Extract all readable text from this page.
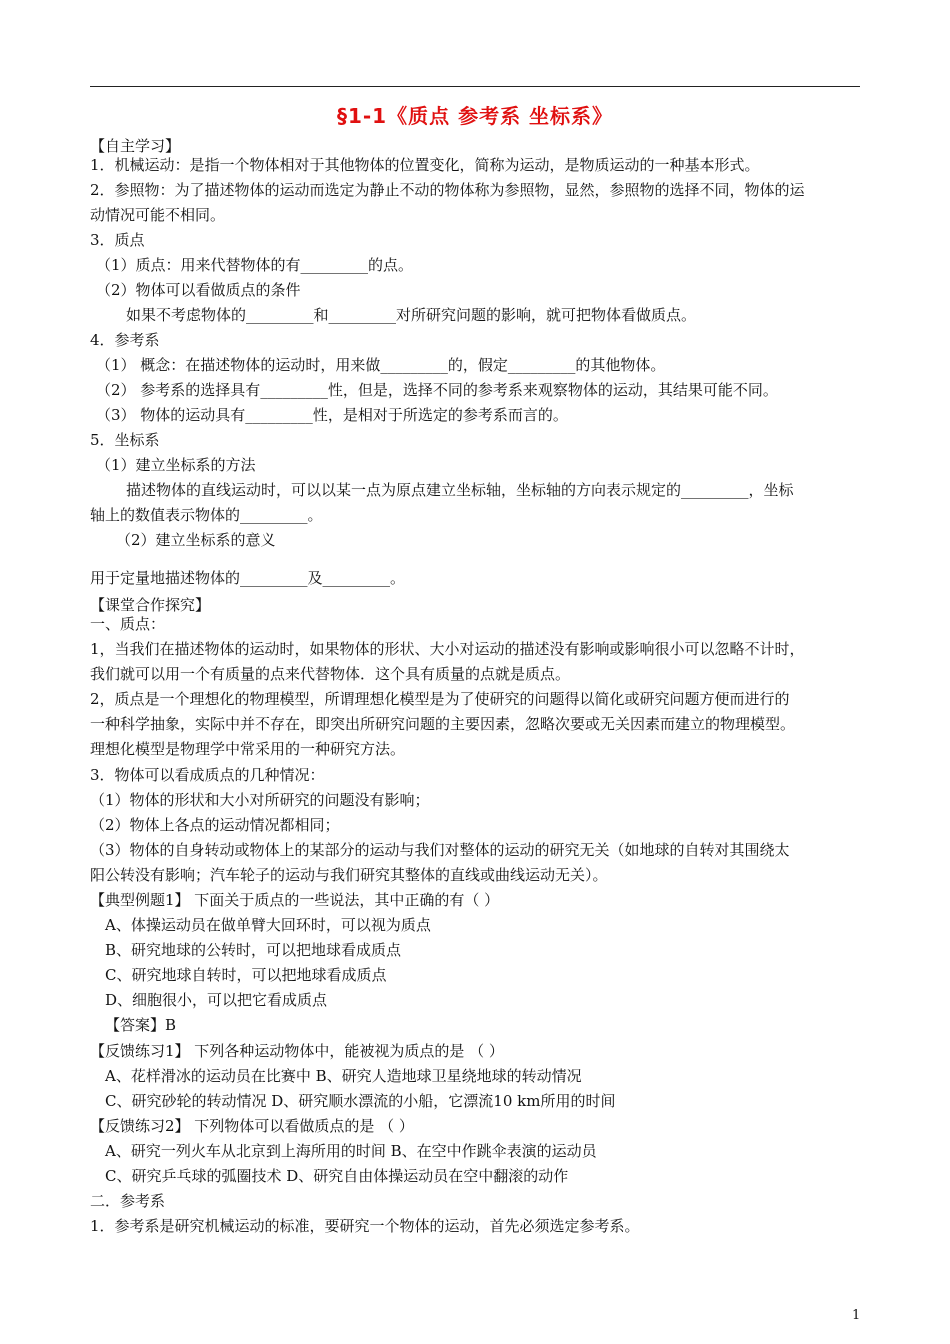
§1-1《质点 参考系 坐标系》
【自主学习】
1．机械运动：是指一个物体相对于其他物体的位置变化，简称为运动，是物质运动的一种基本形式。
2．参照物：为了描述物体的运动而选定为静止不动的物体称为参照物，显然，参照物的选择不同，物体的运
动情况可能不相同。
3．质点
（1）质点：用来代替物体的有_________的点。
（2）物体可以看做质点的条件
如果不考虑物体的_________和_________对所研究问题的影响，就可把物体看做质点。
4．参考系
（1） 概念：在描述物体的运动时，用来做_________的，假定_________的其他物体。
（2） 参考系的选择具有_________性，但是，选择不同的参考系来观察物体的运动，其结果可能不同。
（3） 物体的运动具有_________性，是相对于所选定的参考系而言的。
5．坐标系
（1）建立坐标系的方法
描述物体的直线运动时，可以以某一点为原点建立坐标轴，坐标轴的方向表示规定的_________，坐标
轴上的数值表示物体的_________。
（2）建立坐标系的意义
用于定量地描述物体的_________及_________。
【课堂合作探究】
一、质点：
1，当我们在描述物体的运动时，如果物体的形状、大小对运动的描述没有影响或影响很小可以忽略不计时，
我们就可以用一个有质量的点来代替物体．这个具有质量的点就是质点。
2，质点是一个理想化的物理模型，所谓理想化模型是为了使研究的问题得以简化或研究问题方便而进行的
一种科学抽象，实际中并不存在，即突出所研究问题的主要因素，忽略次要或无关因素而建立的物理模型。
理想化模型是物理学中常采用的一种研究方法。
3．物体可以看成质点的几种情况：
（1）物体的形状和大小对所研究的问题没有影响；
（2）物体上各点的运动情况都相同；
（3）物体的自身转动或物体上的某部分的运动与我们对整体的运动的研究无关（如地球的自转对其围绕太
阳公转没有影响；汽车轮子的运动与我们研究其整体的直线或曲线运动无关）。
【典型例题1】 下面关于质点的一些说法，其中正确的有（ ）
A、体操运动员在做单臂大回环时，可以视为质点
B、研究地球的公转时，可以把地球看成质点
C、研究地球自转时，可以把地球看成质点
D、细胞很小，可以把它看成质点
【答案】B
【反馈练习1】 下列各种运动物体中，能被视为质点的是 （ ）
A、花样滑冰的运动员在比赛中 B、研究人造地球卫星绕地球的转动情况
C、研究砂轮的转动情况 D、研究顺水漂流的小船，它漂流10 km所用的时间
【反馈练习2】 下列物体可以看做质点的是 （ ）
A、研究一列火车从北京到上海所用的时间 B、在空中作跳伞表演的运动员
C、研究乒乓球的弧圈技术 D、研究自由体操运动员在空中翻滚的动作
二．参考系
1．参考系是研究机械运动的标准，要研究一个物体的运动，首先必须选定参考系。
1
